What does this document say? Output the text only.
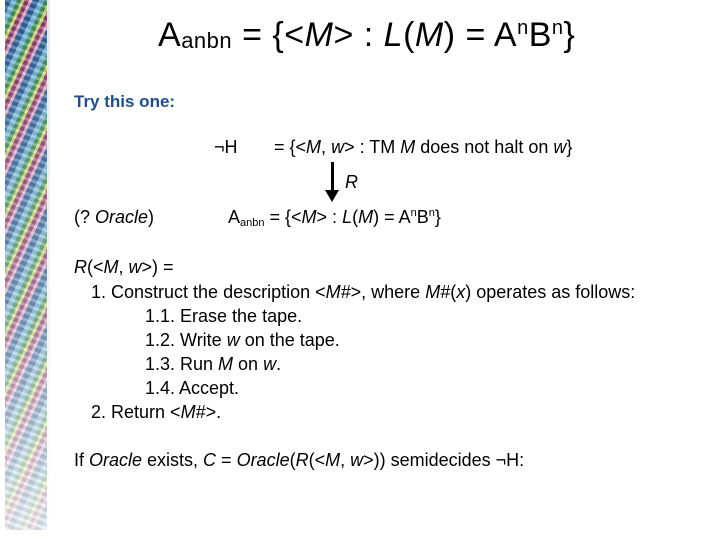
Aanbn = {<M> : $L(M) = A^nB^n$}
Try this one:
¬H = {<M, w> : TM M does not halt on w}
R
(? Oracle)	Aanbn = {<M> : $L(M) = A^nB^n$}
R(<M, w>) =
1. Construct the description <M#>, where M#(x) operates as follows:
1.1. Erase the tape.
1.2. Write w on the tape.
1.3. Run M on w.
1.4. Accept.
2. Return <M#>.
If Oracle exists, C = Oracle(R(<M, w>)) semidecides ¬H:
